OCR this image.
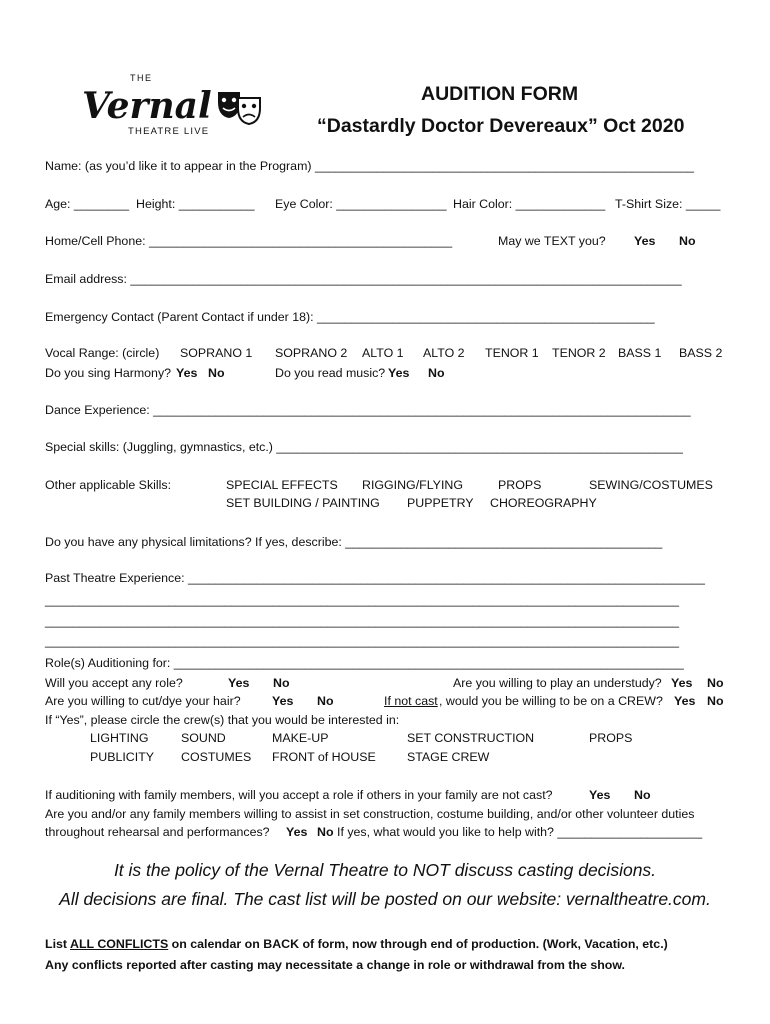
THE
Vernal
THEATRE LIVE
AUDITION FORM
“Dastardly Doctor Devereaux” Oct 2020
Name: (as you’d like it to appear in the Program) _______________________________________________________
Age: ________ Height: ___________ Eye Color: ________________ Hair Color: _____________ T-Shirt Size: _____
Home/Cell Phone: ____________________________________________	May we TEXT you? Yes No
Email address: ________________________________________________________________________________
Emergency Contact (Parent Contact if under 18): _________________________________________________
Vocal Range: (circle) SOPRANO 1 SOPRANO 2 ALTO 1 ALTO 2 TENOR 1 TENOR 2 BASS 1 BASS 2
Do you sing Harmony? Yes No	Do you read music? Yes No
Dance Experience: ______________________________________________________________________________
Special skills: (Juggling, gymnastics, etc.) ___________________________________________________________
Other applicable Skills:	SPECIAL EFFECTS RIGGING/FLYING	PROPS	SEWING/COSTUMES
SET BUILDING / PAINTING PUPPETRY CHOREOGRAPHY
Do you have any physical limitations? If yes, describe: ______________________________________________
Past Theatre Experience: ___________________________________________________________________________
____________________________________________________________________________________________
____________________________________________________________________________________________
____________________________________________________________________________________________
Role(s) Auditioning for: __________________________________________________________________________
Will you accept any role?	Yes No	Are you willing to play an understudy? Yes No
Are you willing to cut/dye your hair?	Yes No	If not cast , would you be willing to be on a CREW? Yes No
If “Yes”, please circle the crew(s) that you would be interested in:
LIGHTING	SOUND	MAKE-UP	SET CONSTRUCTION	PROPS
PUBLICITY COSTUMES FRONT of HOUSE	STAGE CREW
If auditioning with family members, will you accept a role if others in your family are not cast?	Yes No
Are you and/or any family members willing to assist in set construction, costume building, and/or other volunteer duties
throughout rehearsal and performances? Yes No If yes, what would you like to help with? _____________________
It is the policy of the Vernal Theatre to NOT discuss casting decisions.
All decisions are final. The cast list will be posted on our website: vernaltheatre.com.
List ALL CONFLICTS on calendar on BACK of form, now through end of production. (Work, Vacation, etc.)
Any conflicts reported after casting may necessitate a change in role or withdrawal from the show.
